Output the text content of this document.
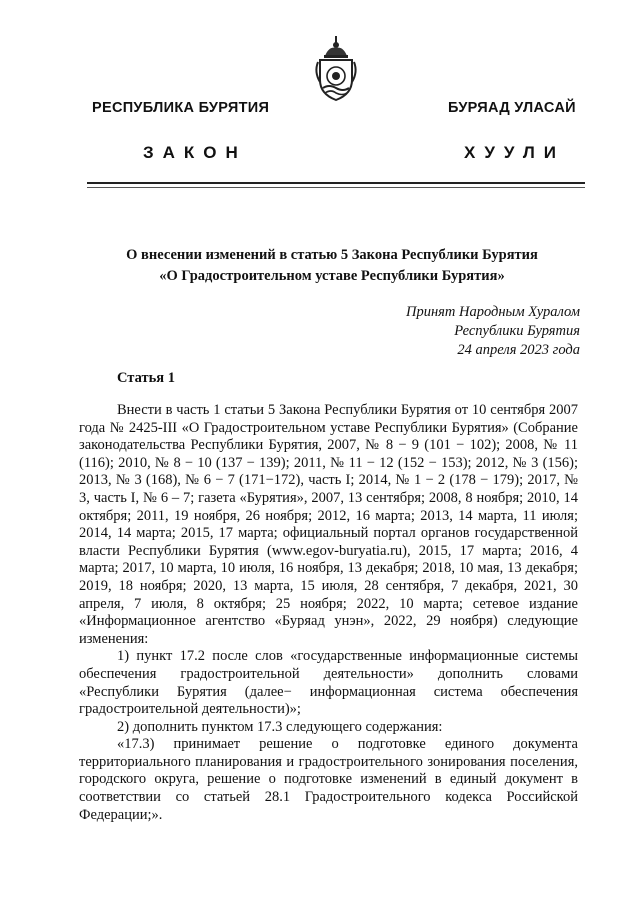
РЕСПУБЛИКА БУРЯТИЯ	БУРЯАД УЛАСАЙ
ЗАКОН	ХУУЛИ
О внесении изменений в статью 5 Закона Республики Бурятия
«О Градостроительном уставе Республики Бурятия»
Принят Народным Хуралом
Республики Бурятия
24 апреля 2023 года
Статья 1

Внести в часть 1 статьи 5 Закона Республики Бурятия от 10 сентября 2007 года № 2425-III «О Градостроительном уставе Республики Бурятия» (Собрание законодательства Республики Бурятия, 2007, № 8 − 9 (101 − 102); 2008, № 11 (116); 2010, № 8 − 10 (137 − 139); 2011, № 11 − 12 (152 − 153); 2012, № 3 (156); 2013, № 3 (168), № 6 − 7 (171−172), часть I; 2014, № 1 − 2 (178 − 179); 2017, № 3, часть I, № 6 – 7; газета «Бурятия», 2007, 13 сентября; 2008, 8 ноября; 2010, 14 октября; 2011, 19 ноября, 26 ноября; 2012, 16 марта; 2013, 14 марта, 11 июля; 2014, 14 марта; 2015, 17 марта; официальный портал органов государственной власти Республики Бурятия (www.egov-buryatia.ru), 2015, 17 марта; 2016, 4 марта; 2017, 10 марта, 10 июля, 16 ноября, 13 декабря; 2018, 10 мая, 13 декабря; 2019, 18 ноября; 2020, 13 марта, 15 июля, 28 сентября, 7 декабря, 2021, 30 апреля, 7 июля, 8 октября; 25 ноября; 2022, 10 марта; сетевое издание «Информационное агентство «Буряад унэн», 2022, 29 ноября) следующие изменения:

1) пункт 17.2 после слов «государственные информационные системы обеспечения градостроительной деятельности» дополнить словами «Республики Бурятия (далее− информационная система обеспечения градостроительной деятельности)»;

2) дополнить пунктом 17.3 следующего содержания:

«17.3) принимает решение о подготовке единого документа территориального планирования и градостроительного зонирования поселения, городского округа, решение о подготовке изменений в единый документ в соответствии со статьей 28.1 Градостроительного кодекса Российской Федерации;».
